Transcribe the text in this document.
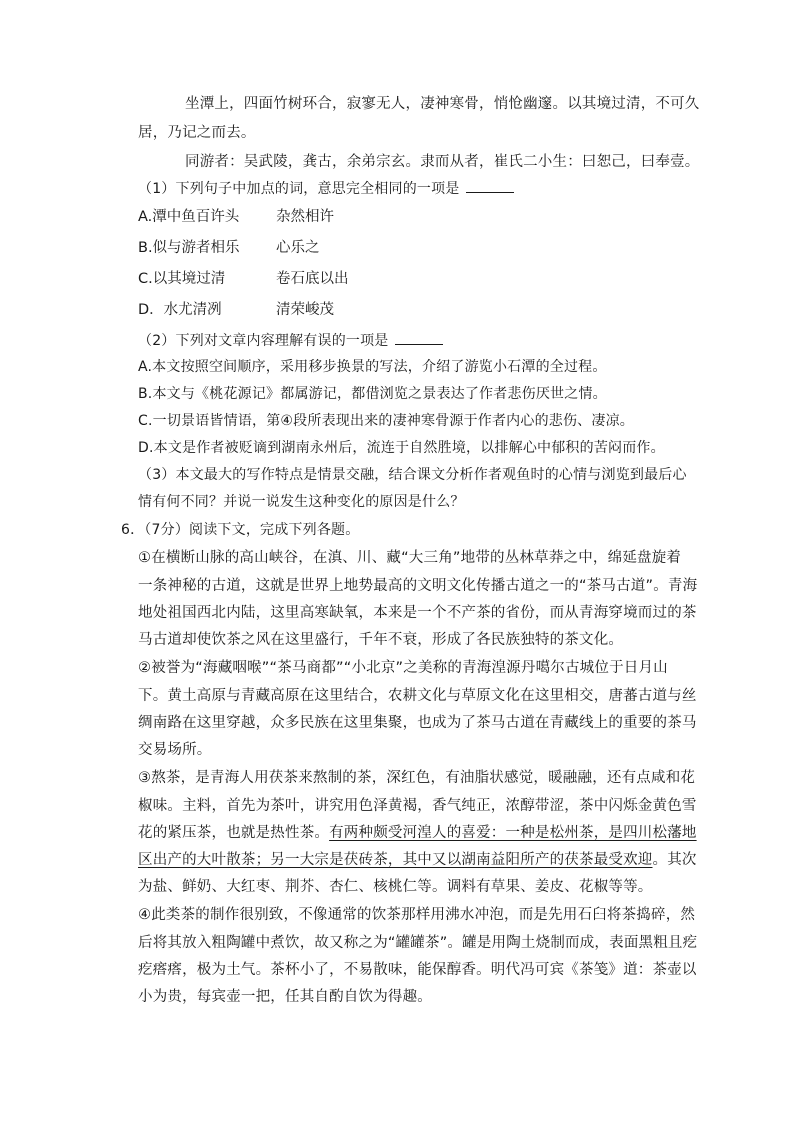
坐潭上，四面竹树环合，寂寥无人，凄神寒骨，悄怆幽邃。以其境过清，不可久
居，乃记之而去。
同游者：吴武陵，龚古，余弟宗玄。隶而从者，崔氏二小生：曰恕己，曰奉壹。
（1）下列句子中加点的词，意思完全相同的一项是
A.潭中鱼百许头	杂然相许
B.似与游者相乐	心乐之
C.以其境过清	卷石底以出
D．水尤清冽	清荣峻茂
（2）下列对文章内容理解有误的一项是
A.本文按照空间顺序，采用移步换景的写法，介绍了游览小石潭的全过程。
B.本文与《桃花源记》都属游记，都借浏览之景表达了作者悲伤厌世之情。
C.一切景语皆情语，第④段所表现出来的凄神寒骨源于作者内心的悲伤、凄凉。
D.本文是作者被贬谪到湖南永州后，流连于自然胜境，以排解心中郁积的苦闷而作。
（3）本文最大的写作特点是情景交融，结合课文分析作者观鱼时的心情与浏览到最后心
情有何不同？并说一说发生这种变化的原因是什么？
6．（7分）阅读下文，完成下列各题。
①在横断山脉的高山峡谷，在滇、川、藏“大三角”地带的丛林草莽之中，绵延盘旋着
一条神秘的古道，这就是世界上地势最高的文明文化传播古道之一的“茶马古道”。青海
地处祖国西北内陆，这里高寒缺氧，本来是一个不产茶的省份，而从青海穿境而过的茶
马古道却使饮茶之风在这里盛行，千年不衰，形成了各民族独特的茶文化。
②被誉为“海藏咽喉”“茶马商都”“小北京”之美称的青海湟源丹噶尔古城位于日月山
下。黄土高原与青藏高原在这里结合，农耕文化与草原文化在这里相交，唐蕃古道与丝
绸南路在这里穿越，众多民族在这里集聚，也成为了茶马古道在青藏线上的重要的茶马
交易场所。
③熬茶，是青海人用茯茶来熬制的茶，深红色，有油脂状感觉，暖融融，还有点咸和花
椒味。主料，首先为茶叶，讲究用色泽黄褐，香气纯正，浓醇带涩，茶中闪烁金黄色雪
花的紧压茶，也就是热性茶。有两种颇受河湟人的喜爱：一种是松州茶，是四川松藩地
区出产的大叶散茶；另一大宗是茯砖茶，其中又以湖南益阳所产的茯茶最受欢迎。其次
为盐、鲜奶、大红枣、荆芥、杏仁、核桃仁等。调料有草果、姜皮、花椒等等。
④此类茶的制作很别致，不像通常的饮茶那样用沸水冲泡，而是先用石臼将茶捣碎，然
后将其放入粗陶罐中煮饮，故又称之为“罐罐茶”。罐是用陶土烧制而成，表面黑粗且疙
疙瘩瘩，极为土气。茶杯小了，不易散味，能保醇香。明代冯可宾《茶笺》道：茶壶以
小为贵，每宾壶一把，任其自酌自饮为得趣。
